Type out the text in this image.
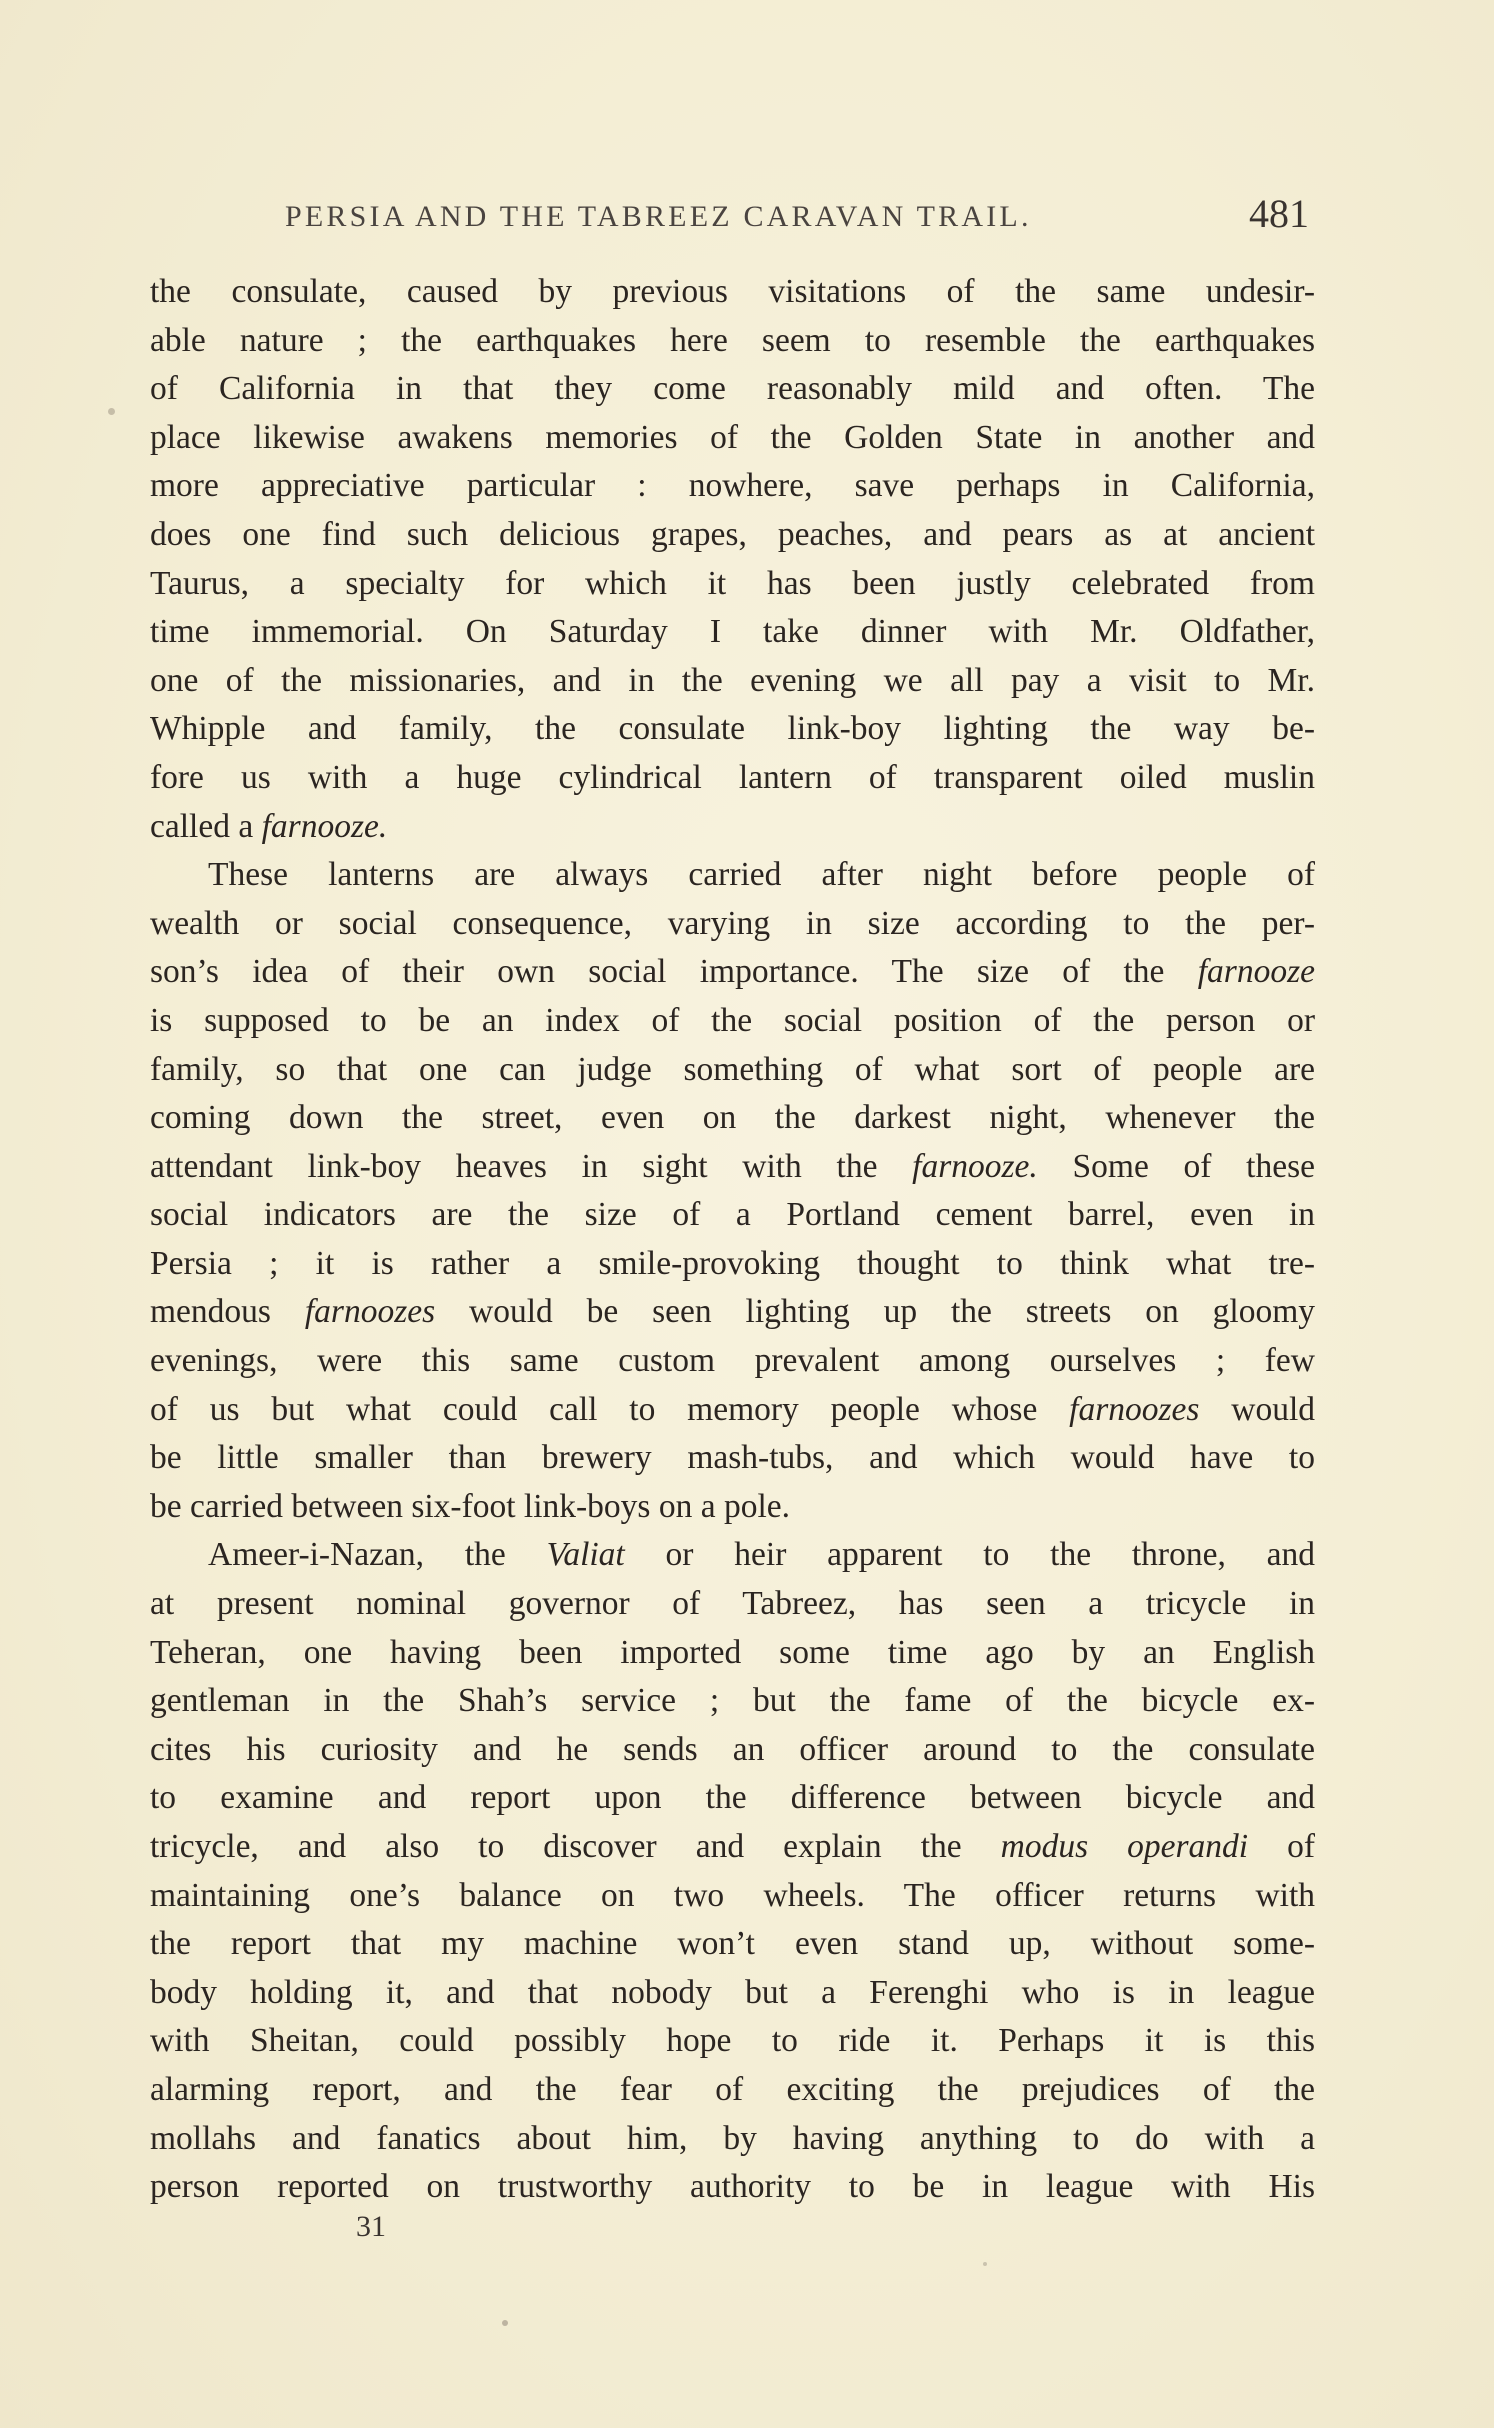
PERSIA AND THE TABREEZ CARAVAN TRAIL.	481
the consulate, caused by previous visitations of the same undesir-
able nature ; the earthquakes here seem to resemble the earthquakes
of California in that they come reasonably mild and often. The
place likewise awakens memories of the Golden State in another and
more appreciative particular : nowhere, save perhaps in California,
does one find such delicious grapes, peaches, and pears as at ancient
Taurus, a specialty for which it has been justly celebrated from
time immemorial. On Saturday I take dinner with Mr. Oldfather,
one of the missionaries, and in the evening we all pay a visit to Mr.
Whipple and family, the consulate link-boy lighting the way be-
fore us with a huge cylindrical lantern of transparent oiled muslin
called a farnooze.
These lanterns are always carried after night before people of
wealth or social consequence, varying in size according to the per-
son’s idea of their own social importance. The size of the farnooze
is supposed to be an index of the social position of the person or
family, so that one can judge something of what sort of people are
coming down the street, even on the darkest night, whenever the
attendant link-boy heaves in sight with the farnooze. Some of these
social indicators are the size of a Portland cement barrel, even in
Persia ; it is rather a smile-provoking thought to think what tre-
mendous farnoozes would be seen lighting up the streets on gloomy
evenings, were this same custom prevalent among ourselves ; few
of us but what could call to memory people whose farnoozes would
be little smaller than brewery mash-tubs, and which would have to
be carried between six-foot link-boys on a pole.
Ameer-i-Nazan, the Valiat or heir apparent to the throne, and
at present nominal governor of Tabreez, has seen a tricycle in
Teheran, one having been imported some time ago by an English
gentleman in the Shah’s service ; but the fame of the bicycle ex-
cites his curiosity and he sends an officer around to the consulate
to examine and report upon the difference between bicycle and
tricycle, and also to discover and explain the modus operandi of
maintaining one’s balance on two wheels. The officer returns with
the report that my machine won’t even stand up, without some-
body holding it, and that nobody but a Ferenghi who is in league
with Sheitan, could possibly hope to ride it. Perhaps it is this
alarming report, and the fear of exciting the prejudices of the
mollahs and fanatics about him, by having anything to do with a
person reported on trustworthy authority to be in league with His
31
